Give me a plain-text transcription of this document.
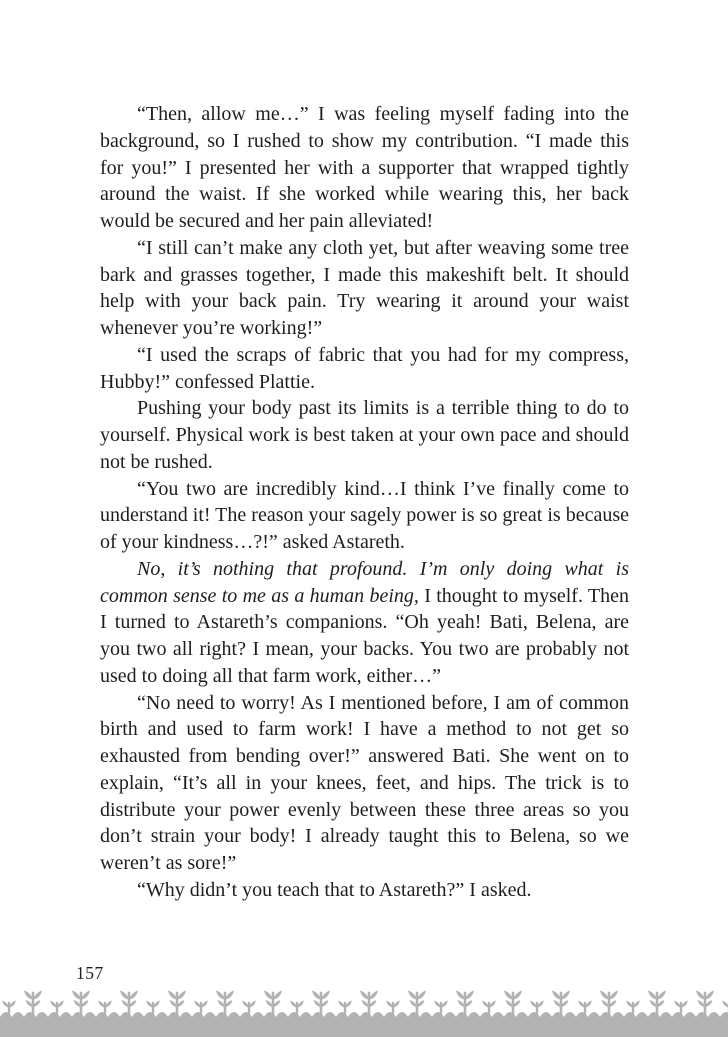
“Then, allow me…” I was feeling myself fading into the background, so I rushed to show my contribution. “I made this for you!” I presented her with a supporter that wrapped tightly around the waist. If she worked while wearing this, her back would be secured and her pain alleviated!

“I still can’t make any cloth yet, but after weaving some tree bark and grasses together, I made this makeshift belt. It should help with your back pain. Try wearing it around your waist whenever you’re working!”

“I used the scraps of fabric that you had for my compress, Hubby!” confessed Plattie.

Pushing your body past its limits is a terrible thing to do to yourself. Physical work is best taken at your own pace and should not be rushed.

“You two are incredibly kind…I think I’ve finally come to understand it! The reason your sagely power is so great is because of your kindness…?!” asked Astareth.

No, it’s nothing that profound. I’m only doing what is common sense to me as a human being, I thought to myself. Then I turned to Astareth’s companions. “Oh yeah! Bati, Belena, are you two all right? I mean, your backs. You two are probably not used to doing all that farm work, either…”

“No need to worry! As I mentioned before, I am of common birth and used to farm work! I have a method to not get so exhausted from bending over!” answered Bati. She went on to explain, “It’s all in your knees, feet, and hips. The trick is to distribute your power evenly between these three areas so you don’t strain your body! I already taught this to Belena, so we weren’t as sore!”

“Why didn’t you teach that to Astareth?” I asked.

157
